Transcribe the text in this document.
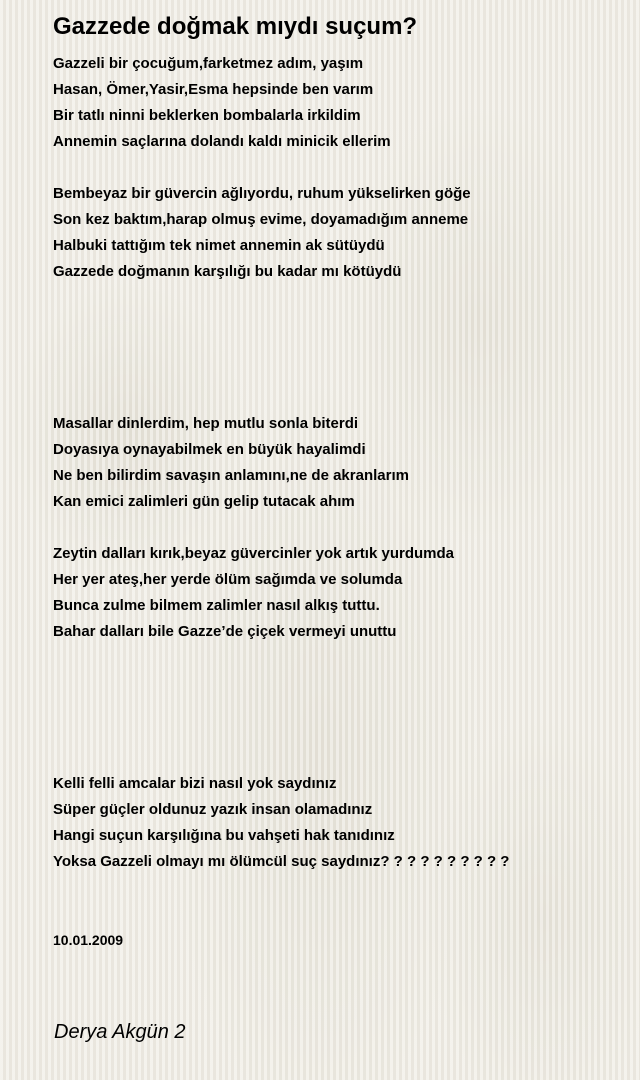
Gazzede doğmak mıydı suçum?
Gazzeli bir çocuğum,farketmez adım, yaşım
Hasan, Ömer,Yasir,Esma hepsinde ben varım
Bir tatlı ninni beklerken bombalarla irkildim
Annemin saçlarına dolandı kaldı minicik ellerim
Bembeyaz bir güvercin ağlıyordu, ruhum yükselirken göğe
Son kez baktım,harap olmuş evime, doyamadığım anneme
Halbuki tattığım tek nimet annemin ak sütüydü
Gazzede doğmanın karşılığı bu kadar mı kötüydü
Masallar dinlerdim, hep mutlu sonla biterdi
Doyasıya oynayabilmek en büyük hayalimdi
Ne ben bilirdim savaşın anlamını,ne de akranlarım
Kan emici zalimleri gün gelip tutacak ahım
Zeytin dalları kırık,beyaz güvercinler yok artık yurdumda
Her yer ateş,her yerde ölüm sağımda ve solumda
Bunca zulme bilmem zalimler nasıl alkış tuttu.
Bahar dalları bile Gazze’de çiçek vermeyi unuttu
Kelli felli amcalar bizi nasıl yok saydınız
Süper güçler oldunuz yazık insan olamadınız
Hangi suçun karşılığına bu vahşeti hak tanıdınız
Yoksa Gazzeli olmayı mı ölümcül suç saydınız? ? ? ? ? ? ? ? ? ?
10.01.2009
Derya Akgün 2
